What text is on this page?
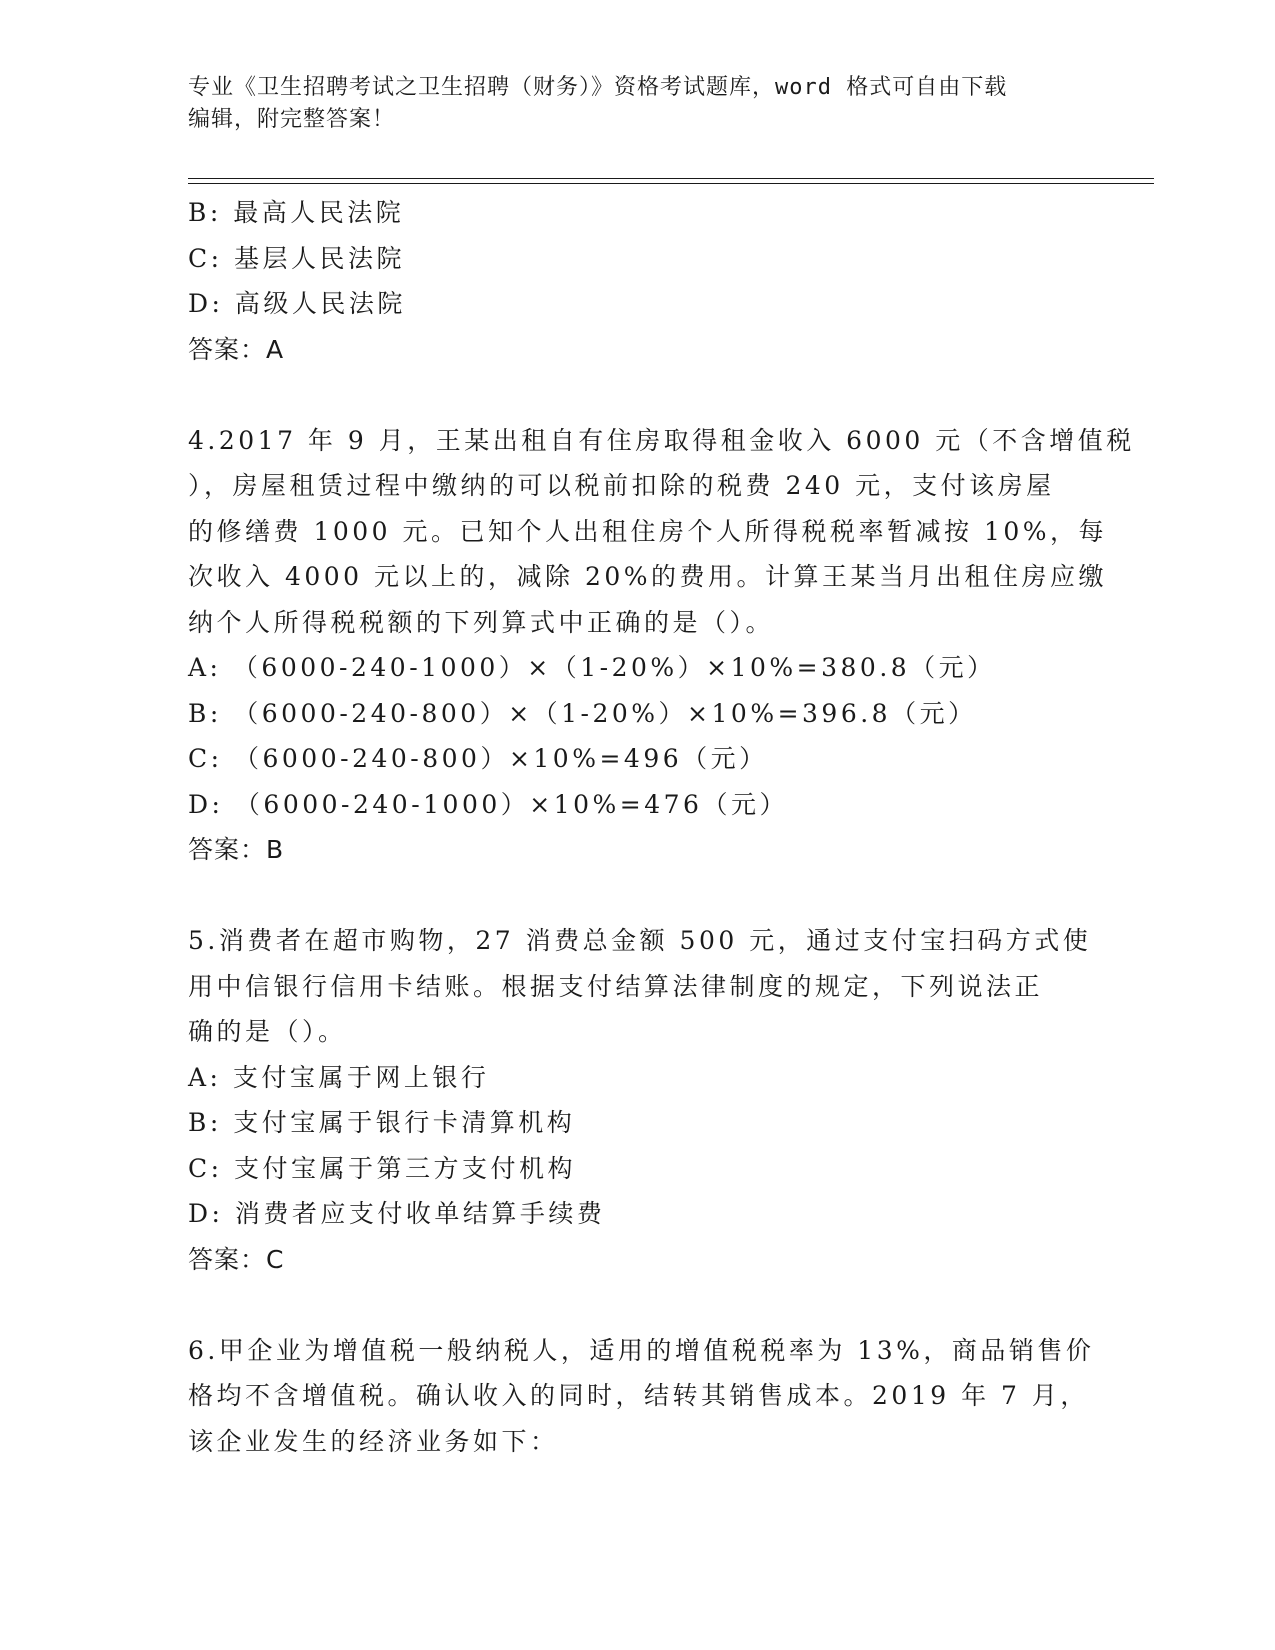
专业《卫生招聘考试之卫生招聘（财务）》资格考试题库，word 格式可自由下载
编辑，附完整答案！
B: 最高人民法院
C: 基层人民法院
D: 高级人民法院
答案：A
4.2017 年 9 月，王某出租自有住房取得租金收入 6000 元（不含增值税
），房屋租赁过程中缴纳的可以税前扣除的税费 240 元，支付该房屋
的修缮费 1000 元。已知个人出租住房个人所得税税率暂减按 10%，每
次收入 4000 元以上的，减除 20%的费用。计算王某当月出租住房应缴
纳个人所得税税额的下列算式中正确的是（）。
A: （6000-240-1000）×（1-20%）×10%=380.8（元）
B: （6000-240-800）×（1-20%）×10%=396.8（元）
C: （6000-240-800）×10%=496（元）
D: （6000-240-1000）×10%=476（元）
答案：B
5.消费者在超市购物，27 消费总金额 500 元，通过支付宝扫码方式使
用中信银行信用卡结账。根据支付结算法律制度的规定，下列说法正
确的是（）。
A: 支付宝属于网上银行
B: 支付宝属于银行卡清算机构
C: 支付宝属于第三方支付机构
D: 消费者应支付收单结算手续费
答案：C
6.甲企业为增值税一般纳税人，适用的增值税税率为 13%，商品销售价
格均不含增值税。确认收入的同时，结转其销售成本。2019 年 7 月，
该企业发生的经济业务如下：
